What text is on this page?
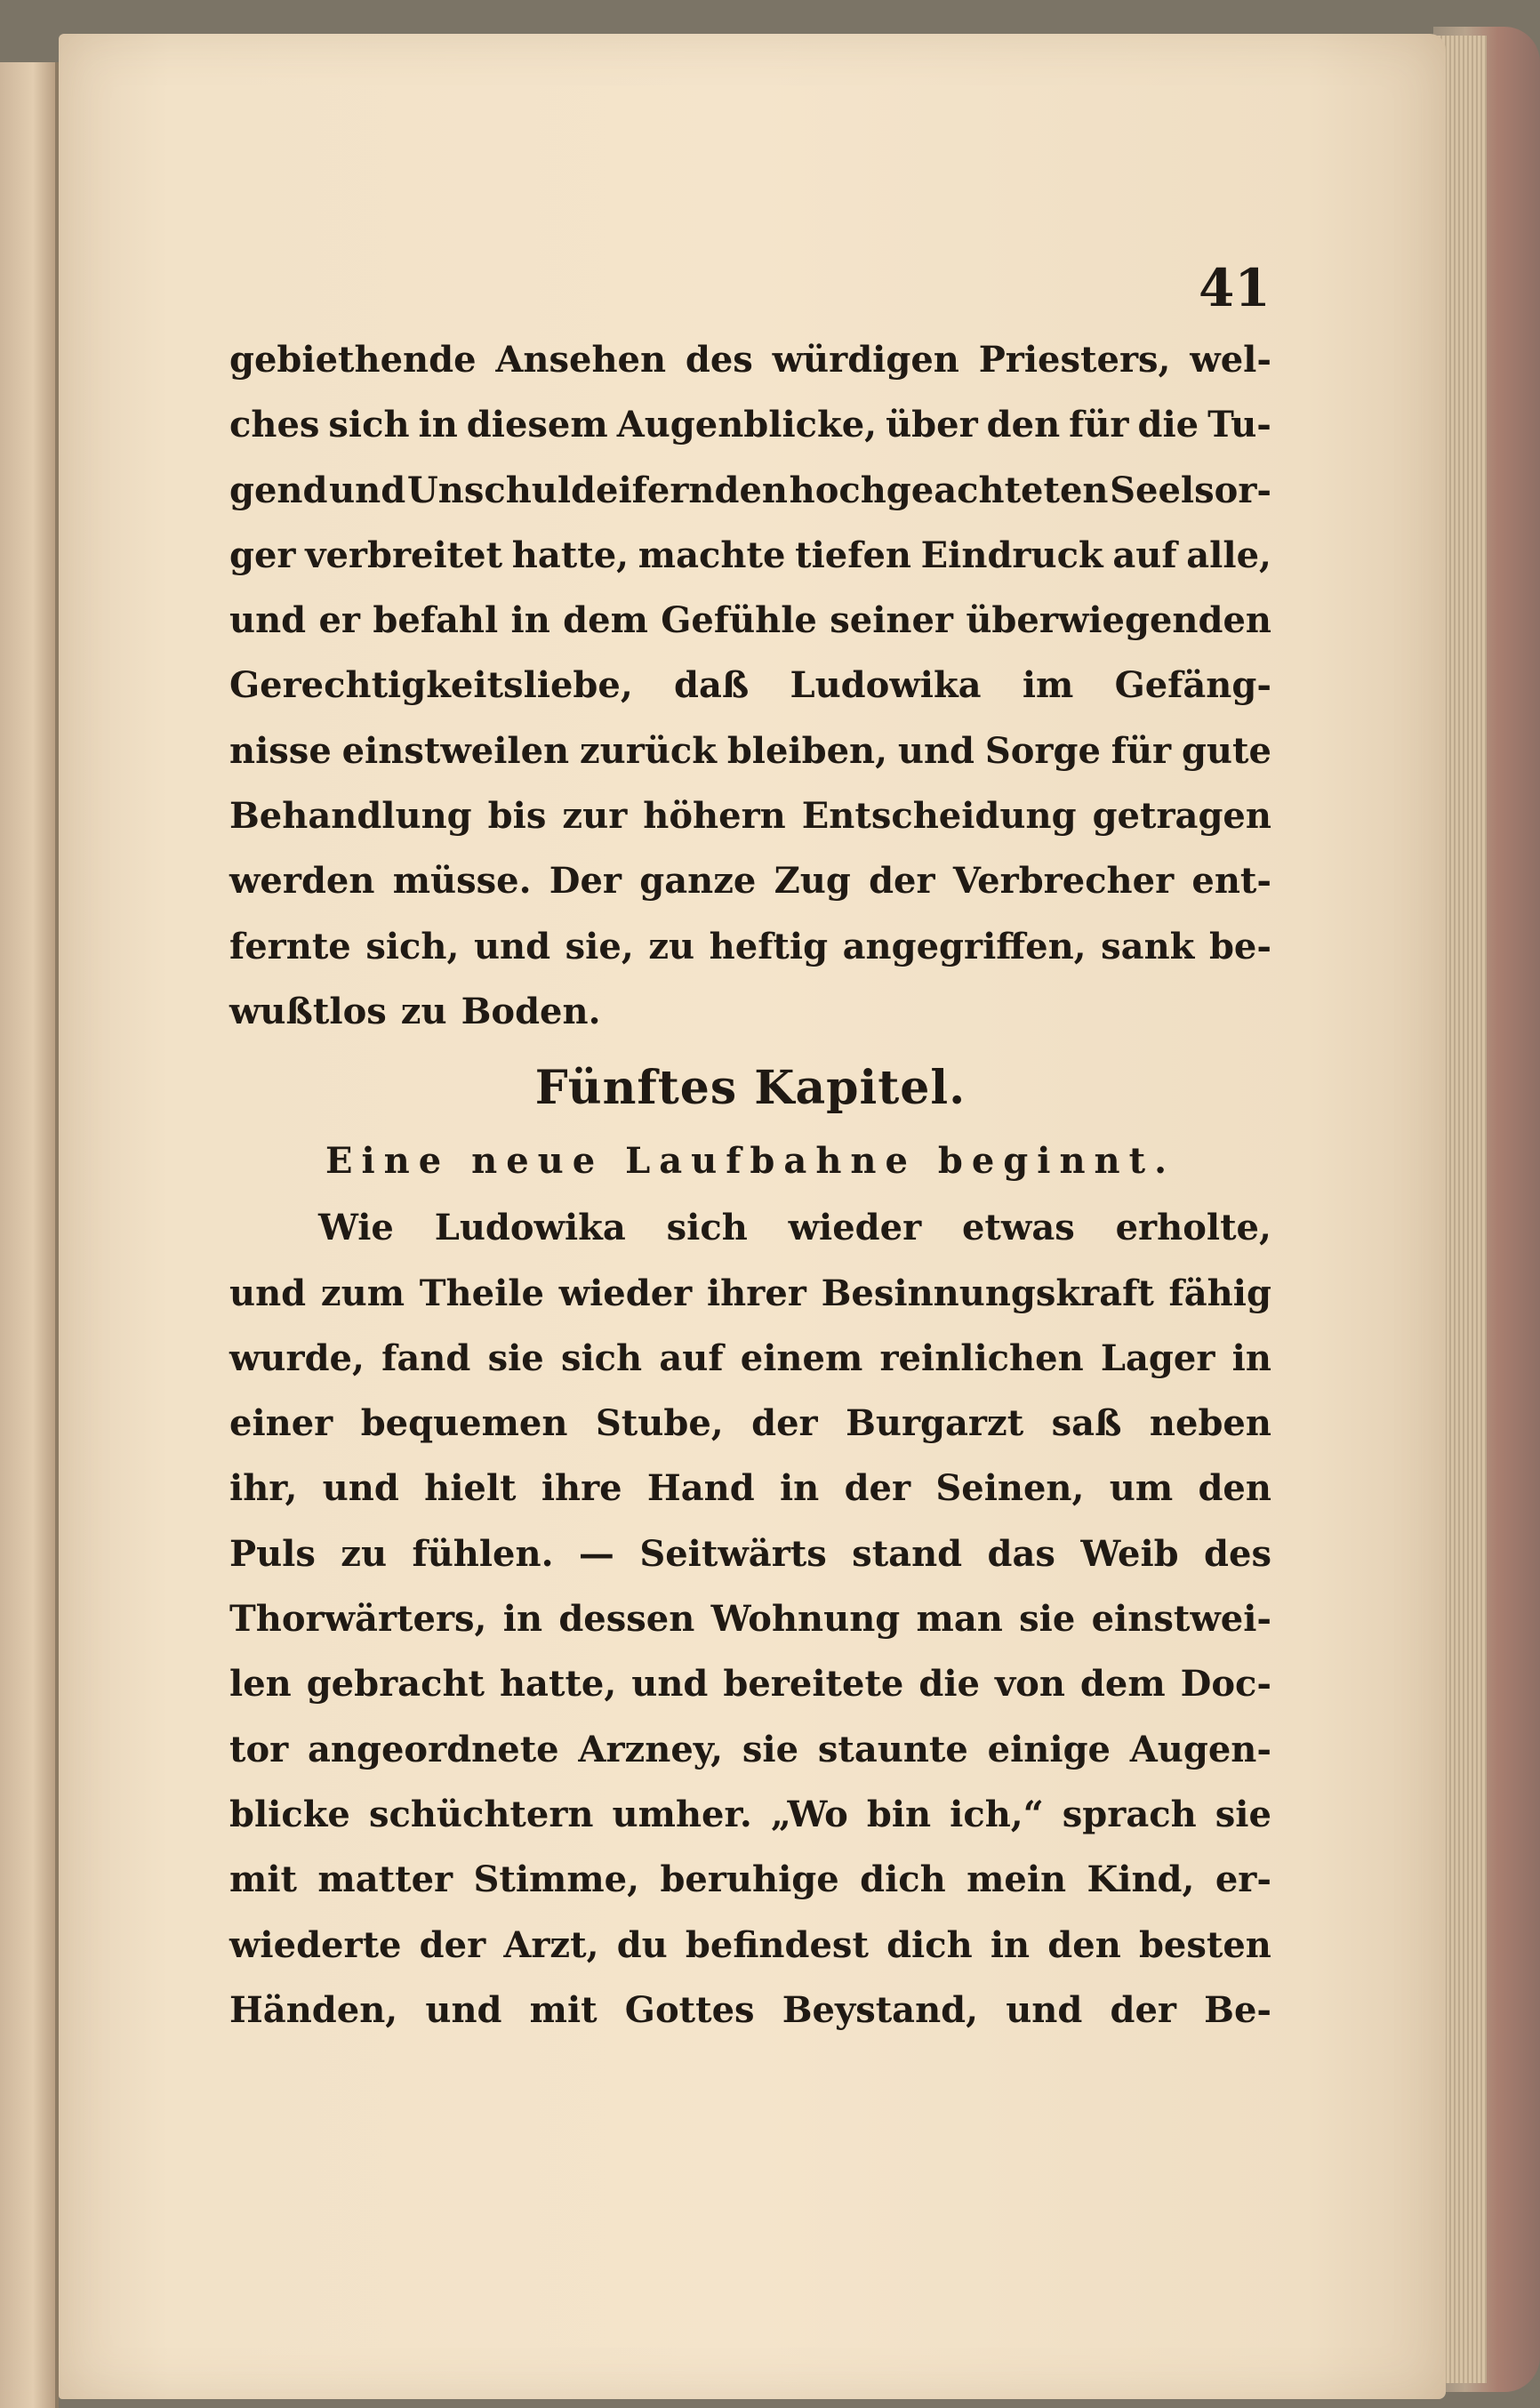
41
gebiethende Ansehen des würdigen Priesters, wel-
ches sich in diesem Augenblicke, über den für die Tu-
gend und Unschuldeifernden hochgeachteten Seelsor-
ger verbreitet hatte, machte tiefen Eindruck auf alle,
und er befahl in dem Gefühle seiner überwiegenden
Gerechtigkeitsliebe, daß Ludowika im Gefäng-
nisse einstweilen zurück bleiben, und Sorge für gute
Behandlung bis zur höhern Entscheidung getragen
werden müsse. Der ganze Zug der Verbrecher ent-
fernte sich, und sie, zu heftig angegriffen, sank be-
wußtlos zu Boden.
Fünftes Kapitel.
Eine neue Laufbahne beginnt.
Wie Ludowika sich wieder etwas erholte,
und zum Theile wieder ihrer Besinnungskraft fähig
wurde, fand sie sich auf einem reinlichen Lager in
einer bequemen Stube, der Burgarzt saß neben
ihr, und hielt ihre Hand in der Seinen, um den
Puls zu fühlen. — Seitwärts stand das Weib des
Thorwärters, in dessen Wohnung man sie einstwei-
len gebracht hatte, und bereitete die von dem Doc-
tor angeordnete Arzney, sie staunte einige Augen-
blicke schüchtern umher. „Wo bin ich,“ sprach sie
mit matter Stimme, beruhige dich mein Kind, er-
wiederte der Arzt, du befindest dich in den besten
Händen, und mit Gottes Beystand, und der Be-
